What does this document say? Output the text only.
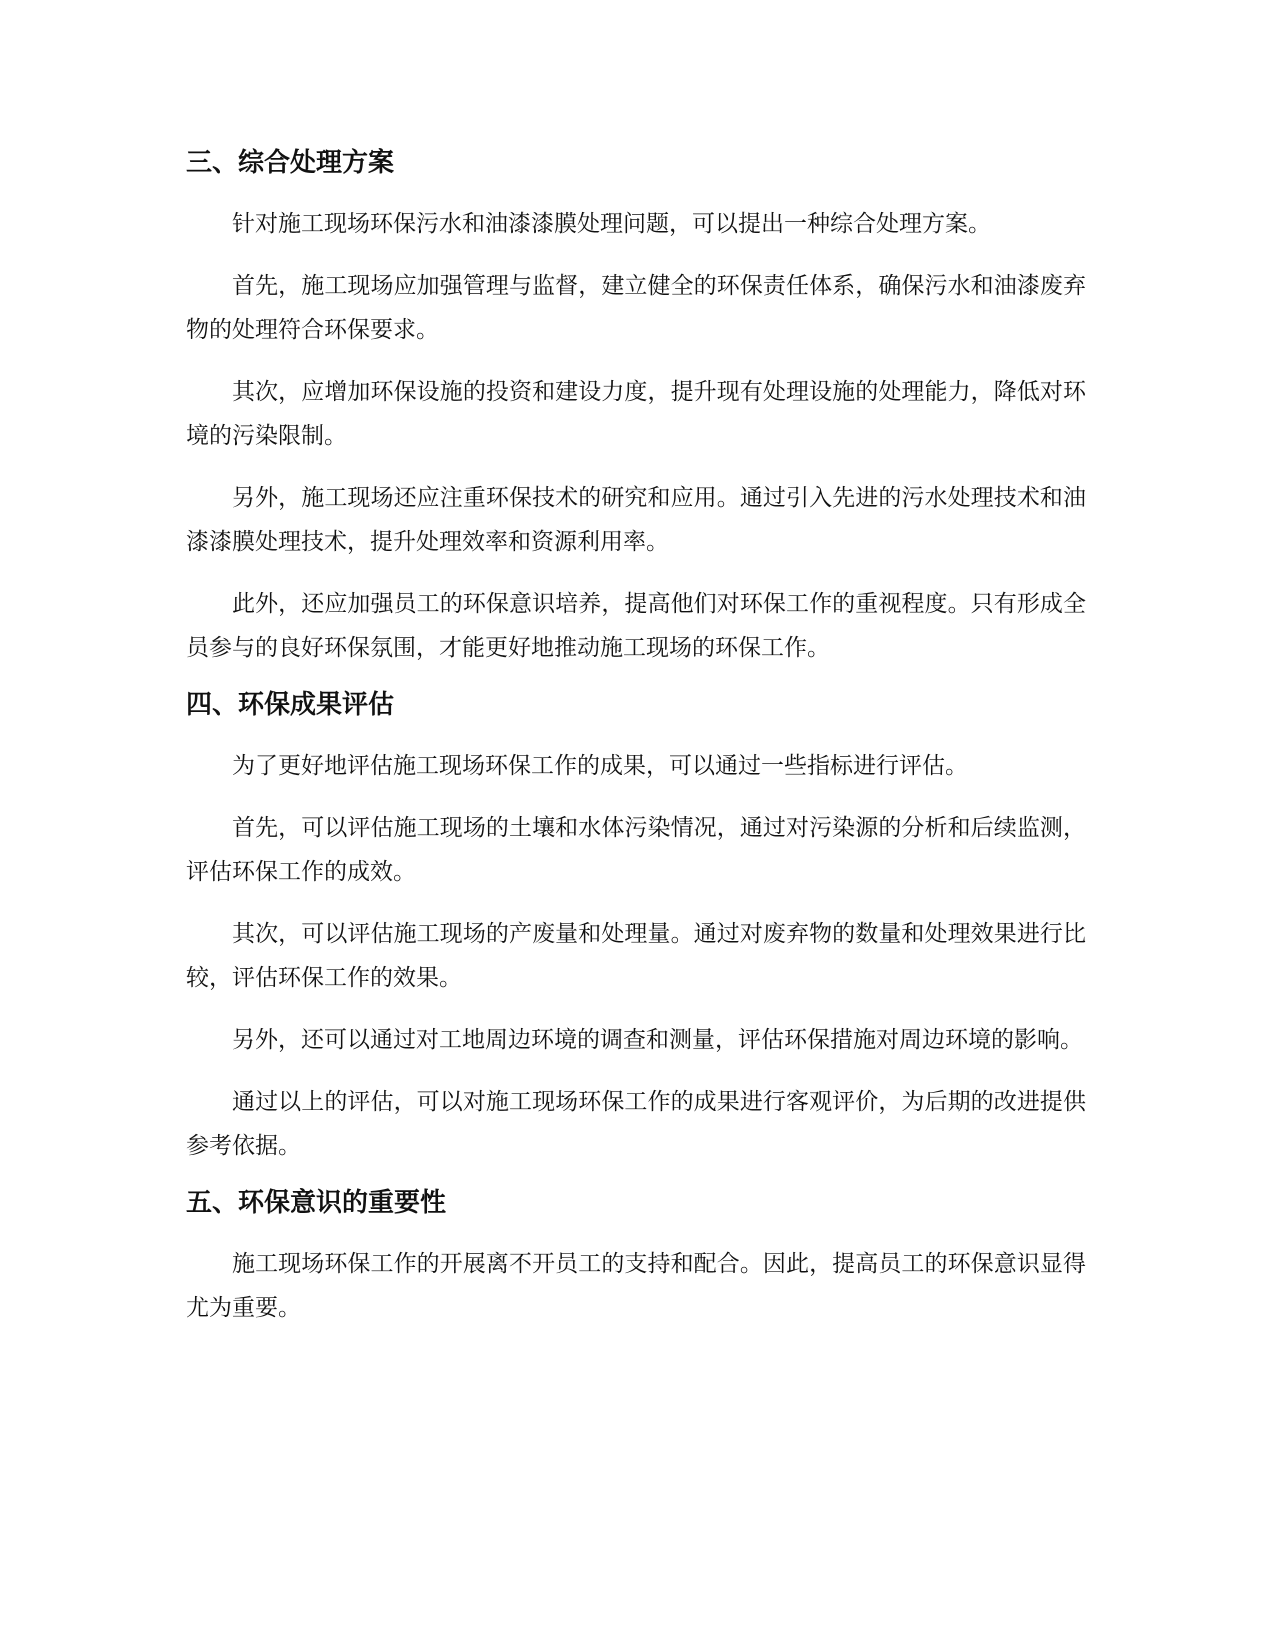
三、综合处理方案

针对施工现场环保污水和油漆漆膜处理问题，可以提出一种综合处理方案。

首先，施工现场应加强管理与监督，建立健全的环保责任体系，确保污水和油漆废弃物的处理符合环保要求。

其次，应增加环保设施的投资和建设力度，提升现有处理设施的处理能力，降低对环境的污染限制。

另外，施工现场还应注重环保技术的研究和应用。通过引入先进的污水处理技术和油漆漆膜处理技术，提升处理效率和资源利用率。

此外，还应加强员工的环保意识培养，提高他们对环保工作的重视程度。只有形成全员参与的良好环保氛围，才能更好地推动施工现场的环保工作。

四、环保成果评估

为了更好地评估施工现场环保工作的成果，可以通过一些指标进行评估。

首先，可以评估施工现场的土壤和水体污染情况，通过对污染源的分析和后续监测，评估环保工作的成效。

其次，可以评估施工现场的产废量和处理量。通过对废弃物的数量和处理效果进行比较，评估环保工作的效果。

另外，还可以通过对工地周边环境的调查和测量，评估环保措施对周边环境的影响。

通过以上的评估，可以对施工现场环保工作的成果进行客观评价，为后期的改进提供参考依据。

五、环保意识的重要性

施工现场环保工作的开展离不开员工的支持和配合。因此，提高员工的环保意识显得尤为重要。
